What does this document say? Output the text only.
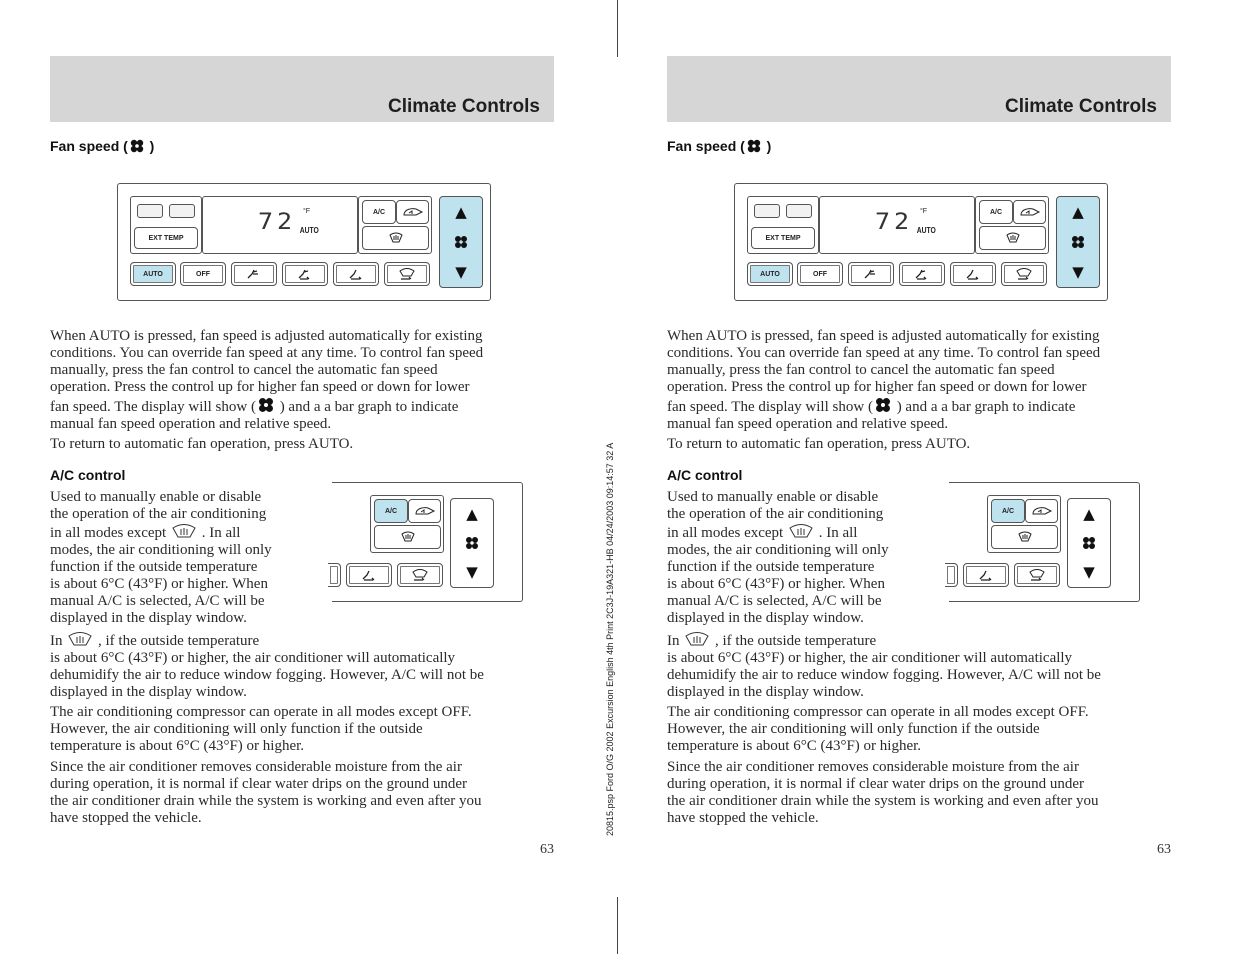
20815.psp Ford O/G 2002 Excursion English 4th Print 2C3J-19A321-HB 04/24/2003 09:14:57 32 A
Climate Controls
Fan speed ( )
EXT TEMP
72 °F
AUTO
A/C	▲
▼
AUTO	OFF
When AUTO is pressed, fan speed is adjusted automatically for existing
conditions. You can override fan speed at any time. To control fan speed
manually, press the fan control to cancel the automatic fan speed
operation. Press the control up for higher fan speed or down for lower
fan speed. The display will show ( ) and a a bar graph to indicate
manual fan speed operation and relative speed.
To return to automatic fan operation, press AUTO.
A/C control
Used to manually enable or disable
the operation of the air conditioning
in all modes except . In all
modes, the air conditioning will only
function if the outside temperature
is about 6°C (43°F) or higher. When
manual A/C is selected, A/C will be
displayed in the display window.
A/C	▲
▼
In , if the outside temperature
is about 6°C (43°F) or higher, the air conditioner will automatically
dehumidify the air to reduce window fogging. However, A/C will not be
displayed in the display window.
The air conditioning compressor can operate in all modes except OFF.
However, the air conditioning will only function if the outside
temperature is about 6°C (43°F) or higher.
Since the air conditioner removes considerable moisture from the air
during operation, it is normal if clear water drips on the ground under
the air conditioner drain while the system is working and even after you
have stopped the vehicle.
63
Climate Controls
Fan speed ( )
EXT TEMP
72 °F
AUTO
A/C	▲
▼
AUTO	OFF
When AUTO is pressed, fan speed is adjusted automatically for existing
conditions. You can override fan speed at any time. To control fan speed
manually, press the fan control to cancel the automatic fan speed
operation. Press the control up for higher fan speed or down for lower
fan speed. The display will show ( ) and a a bar graph to indicate
manual fan speed operation and relative speed.
To return to automatic fan operation, press AUTO.
A/C control
Used to manually enable or disable
the operation of the air conditioning
in all modes except . In all
modes, the air conditioning will only
function if the outside temperature
is about 6°C (43°F) or higher. When
manual A/C is selected, A/C will be
displayed in the display window.
A/C	▲
▼
In , if the outside temperature
is about 6°C (43°F) or higher, the air conditioner will automatically
dehumidify the air to reduce window fogging. However, A/C will not be
displayed in the display window.
The air conditioning compressor can operate in all modes except OFF.
However, the air conditioning will only function if the outside
temperature is about 6°C (43°F) or higher.
Since the air conditioner removes considerable moisture from the air
during operation, it is normal if clear water drips on the ground under
the air conditioner drain while the system is working and even after you
have stopped the vehicle.
63
